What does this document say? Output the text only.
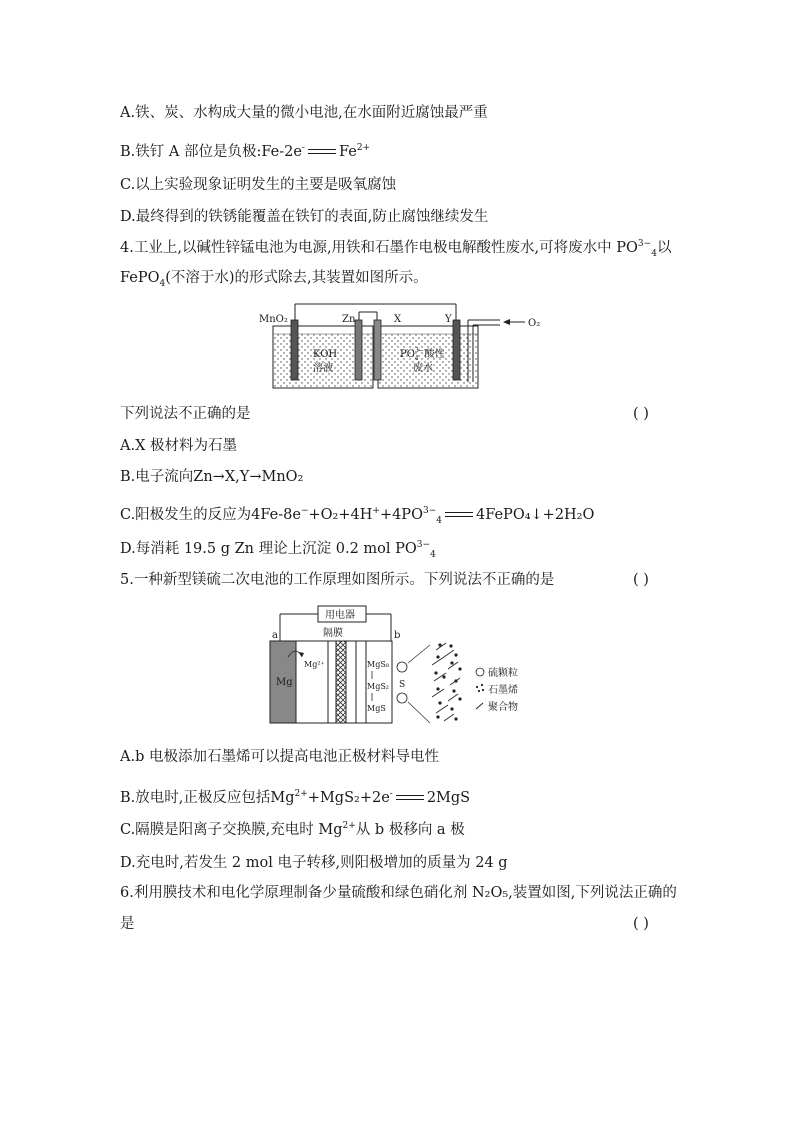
A.铁、炭、水构成大量的微小电池,在水面附近腐蚀最严重
B.铁钉 A 部位是负极:Fe-2e- $Fe^{2+}$
C.以上实验现象证明发生的主要是吸氧腐蚀
D.最终得到的铁锈能覆盖在铁钉的表面,防止腐蚀继续发生
4.工业上,以碱性锌锰电池为电源,用铁和石墨作电极电解酸性废水,可将废水中 $PO^{3-}_4$以
FePO$_4$(不溶于水)的形式除去,其装置如图所示。
MnO₂	Zn	X	Y	O₂
KOH
溶液
$PO^{3-}$ 4 酸性
废水
下列说法不正确的是	( )
A.X 极材料为石墨
B.电子流向Zn→X,Y→MnO₂
C.阳极发生的反应为$4Fe-8e^-+O_2+4H^++4PO^{3-}_4$ 4FePO₄↓+2H₂O
D.每消耗 19.5 g Zn 理论上沉淀 0.2 mol $PO^{3-}_4$
5.一种新型镁硫二次电池的工作原理如图所示。下列说法不正确的是	( )
用电器
a	b
隔膜
Mg
Mg²⁺	MgS₈
MgS₂
MgS
S
硫颗粒
石墨烯
聚合物
A.b 电极添加石墨烯可以提高电池正极材料导电性
B.放电时,正极反应包括$Mg^{2+}+MgS_2+2e^-$ 2MgS
C.隔膜是阳离子交换膜,充电时 $Mg^{2+}$从 b 极移向 a 极
D.充电时,若发生 2 mol 电子转移,则阳极增加的质量为 24 g
6.利用膜技术和电化学原理制备少量硫酸和绿色硝化剂 N₂O₅,装置如图,下列说法正确的
是	( )
